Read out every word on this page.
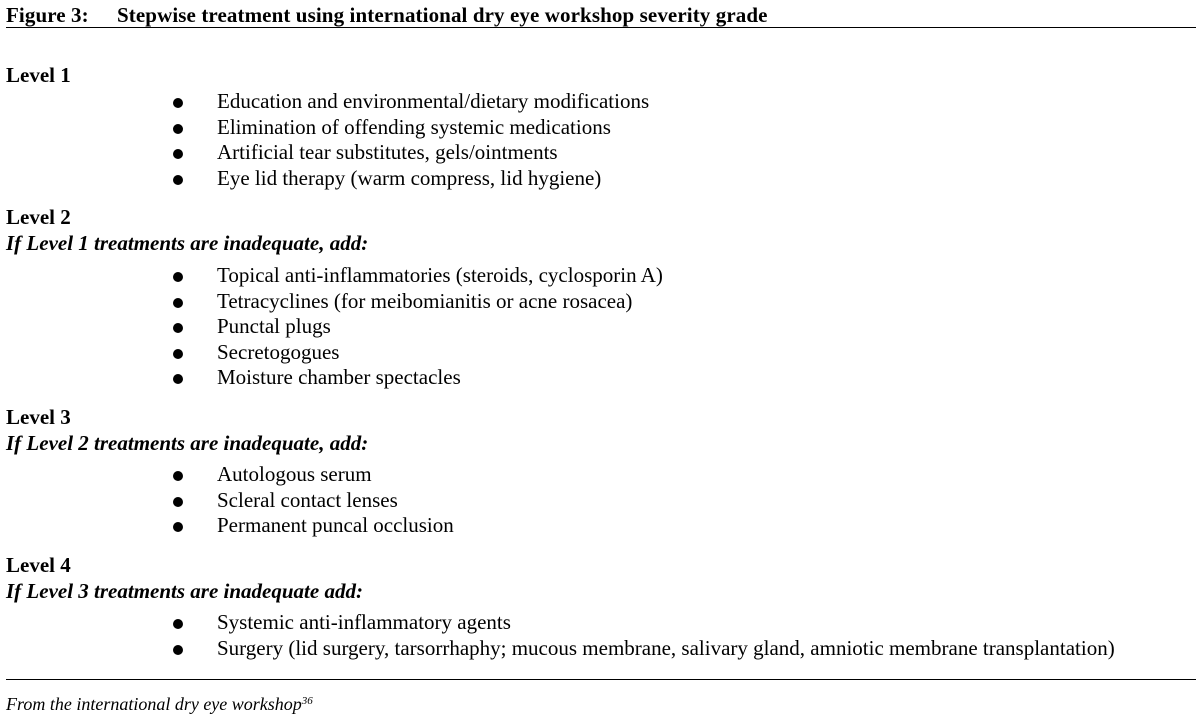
Figure 3: Stepwise treatment using international dry eye workshop severity grade
Level 1
Education and environmental/dietary modifications
Elimination of offending systemic medications
Artificial tear substitutes, gels/ointments
Eye lid therapy (warm compress, lid hygiene)
Level 2
If Level 1 treatments are inadequate, add:
Topical anti-inflammatories (steroids, cyclosporin A)
Tetracyclines (for meibomianitis or acne rosacea)
Punctal plugs
Secretogogues
Moisture chamber spectacles
Level 3
If Level 2 treatments are inadequate, add:
Autologous serum
Scleral contact lenses
Permanent puncal occlusion
Level 4
If Level 3 treatments are inadequate add:
Systemic anti-inflammatory agents
Surgery (lid surgery, tarsorrhaphy; mucous membrane, salivary gland, amniotic membrane transplantation)
From the international dry eye workshop$^{36}$
